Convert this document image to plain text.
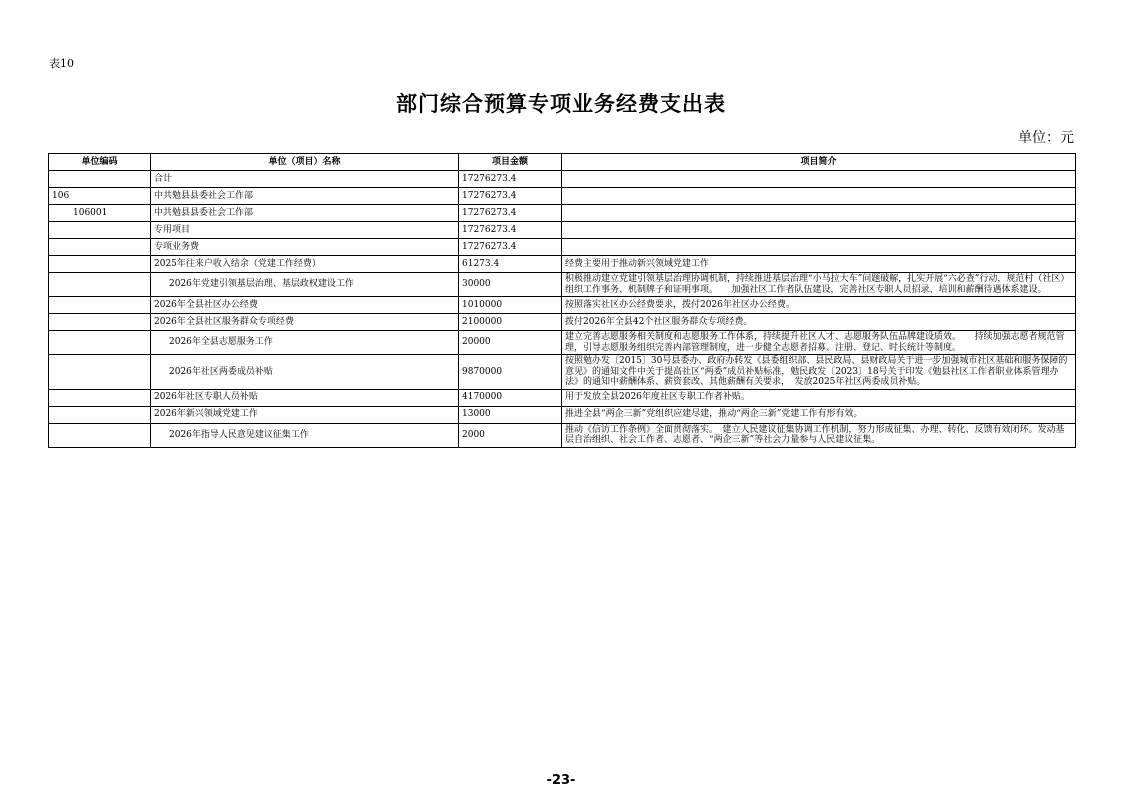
表10
部门综合预算专项业务经费支出表
单位：元
单位编码	单位（项目）名称	项目金额	项目简介
	合计	17276273.4	
106	中共勉县县委社会工作部	17276273.4	
106001	中共勉县县委社会工作部	17276273.4	
	专用项目	17276273.4	
	专项业务费	17276273.4	
	2025年往来户收入结余（党建工作经费）	61273.4	经费主要用于推动新兴领域党建工作
	2026年党建引领基层治理、基层政权建设工作	30000	积极推动建立党建引领基层治理协调机制，持续推进基层治理“小马拉大车”问题破解，扎实开展“六必查”行动，规范村（社区）组织工作事务、机制牌子和证明事项。　　加强社区工作者队伍建设，完善社区专职人员招录、培训和薪酬待遇体系建设。
	2026年全县社区办公经费	1010000	按照落实社区办公经费要求，拨付2026年社区办公经费。
	2026年全县社区服务群众专项经费	2100000	拨付2026年全县42个社区服务群众专项经费。
	2026年全县志愿服务工作	20000	建立完善志愿服务相关制度和志愿服务工作体系，持续提升社区人才、志愿服务队伍品牌建设质效。　　持续加强志愿者规范管理，引导志愿服务组织完善内部管理制度，进一步健全志愿者招募、注册、登记、时长统计等制度。
	2026年社区两委成员补贴	9870000	按照勉办发〔2015〕30号县委办、政府办转发《县委组织部、县民政局、县财政局关于进一步加强城市社区基础和服务保障的意见》的通知文件中关于提高社区“两委”成员补贴标准，勉民政发〔2023〕18号关于印发《勉县社区工作者职业体系管理办法》的通知中薪酬体系、薪资套改、其他薪酬有关要求，　发放2025年社区两委成员补贴。
	2026年社区专职人员补贴	4170000	用于发放全县2026年度社区专职工作者补贴。
	2026年新兴领域党建工作	13000	推进全县“两企三新”党组织应建尽建，推动“两企三新”党建工作有形有效。
	2026年指导人民意见建议征集工作	2000	推动《信访工作条例》全面贯彻落实。　建立人民建议征集协调工作机制，努力形成征集、办理、转化、反馈有效闭环。发动基层自治组织、社会工作者、志愿者、“两企三新”等社会力量参与人民建议征集。
-23-
